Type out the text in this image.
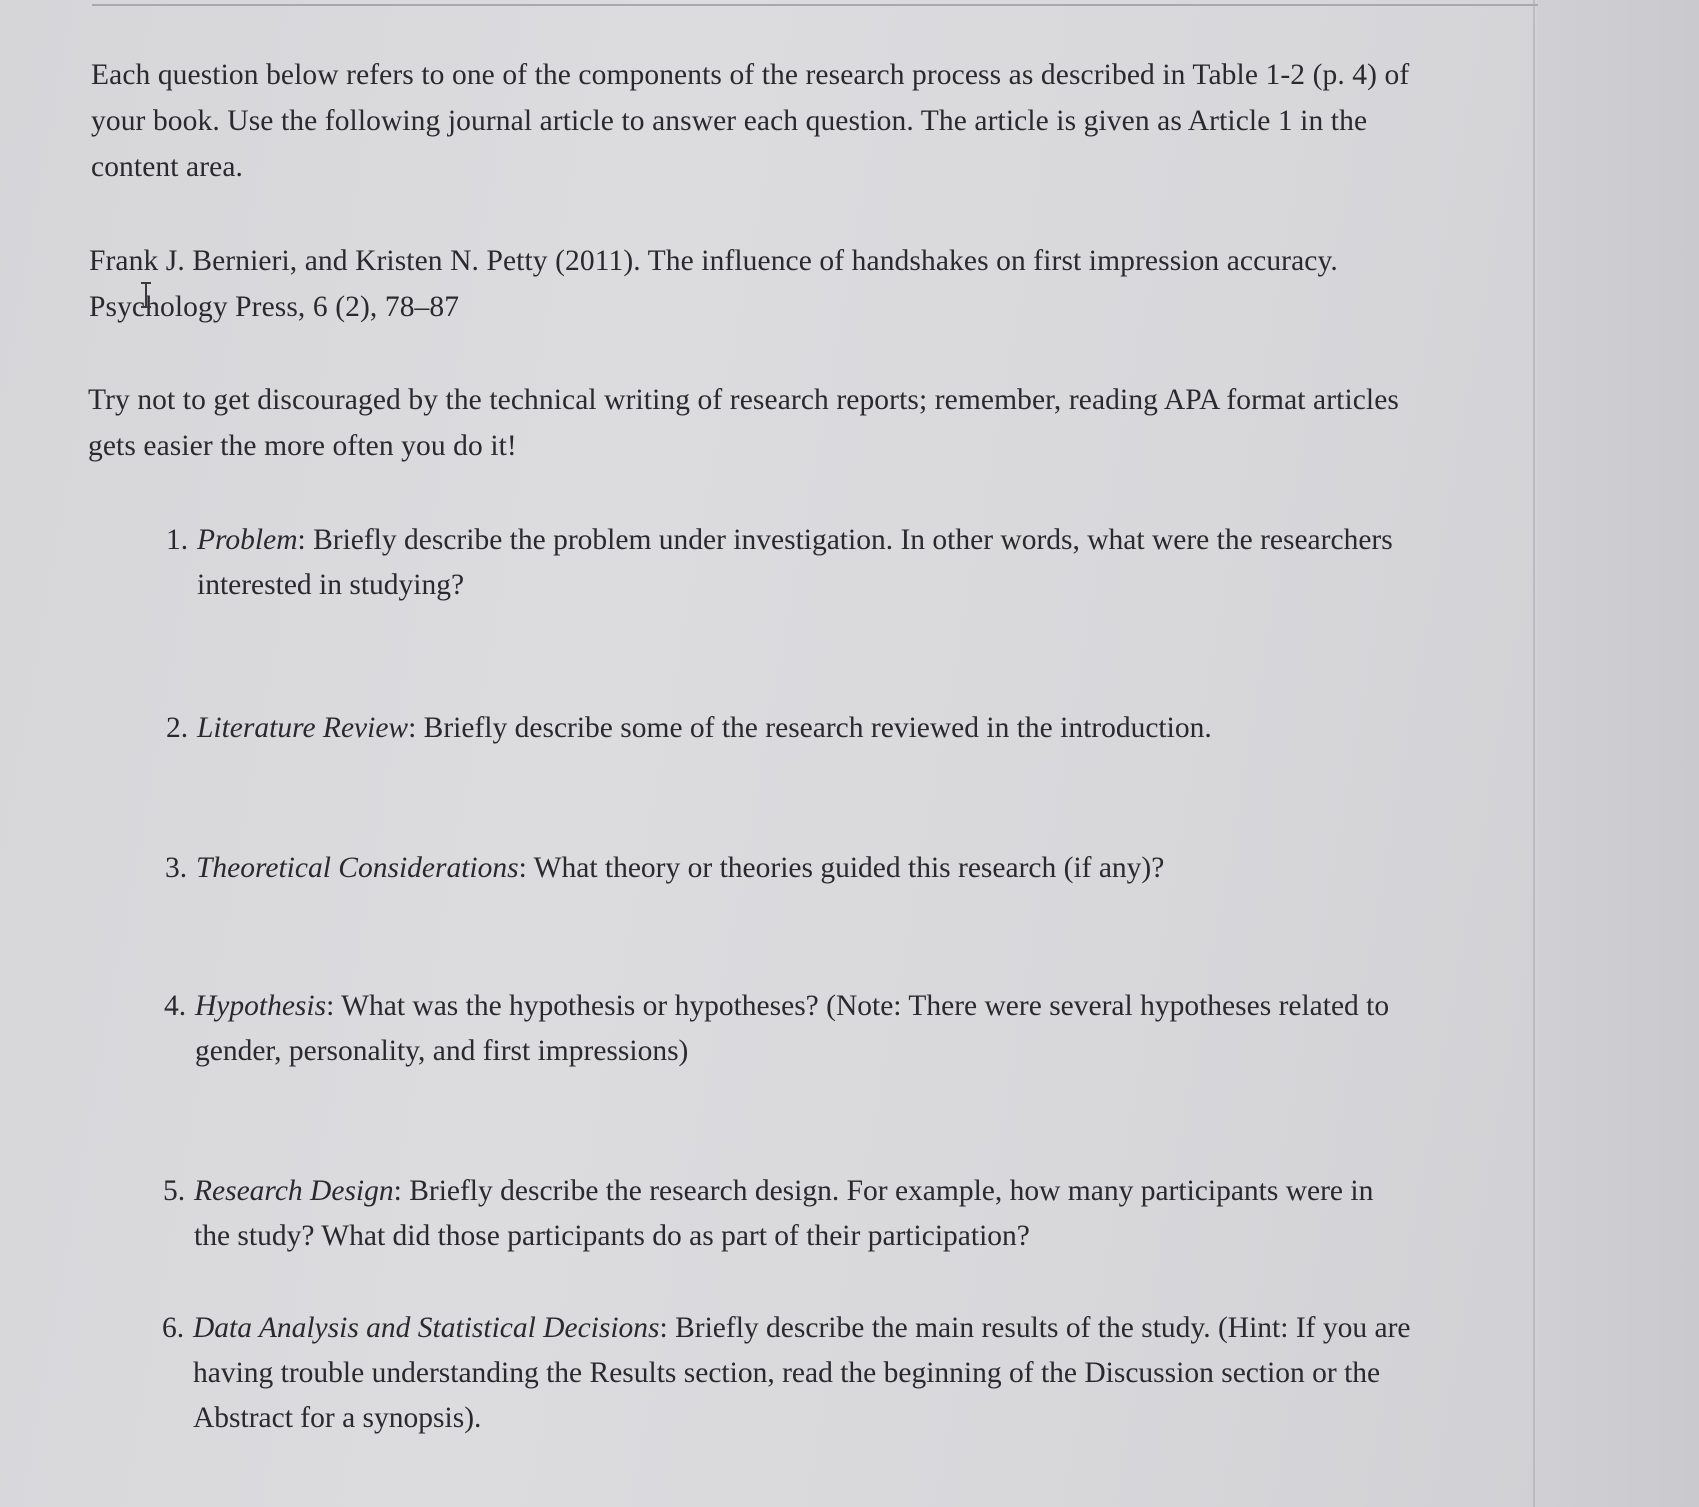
Each question below refers to one of the components of the research process as described in Table 1-2 (p. 4) of your book. Use the following journal article to answer each question. The article is given as Article 1 in the content area.
Frank J. Bernieri, and Kristen N. Petty (2011). The influence of handshakes on first impression accuracy. Psychology Press, 6 (2), 78–87
Try not to get discouraged by the technical writing of research reports; remember, reading APA format articles gets easier the more often you do it!
1. Problem: Briefly describe the problem under investigation. In other words, what were the researchers interested in studying?
2. Literature Review: Briefly describe some of the research reviewed in the introduction.
3. Theoretical Considerations: What theory or theories guided this research (if any)?
4. Hypothesis: What was the hypothesis or hypotheses? (Note: There were several hypotheses related to gender, personality, and first impressions)
5. Research Design: Briefly describe the research design. For example, how many participants were in the study? What did those participants do as part of their participation?
6. Data Analysis and Statistical Decisions: Briefly describe the main results of the study. (Hint: If you are having trouble understanding the Results section, read the beginning of the Discussion section or the Abstract for a synopsis).
